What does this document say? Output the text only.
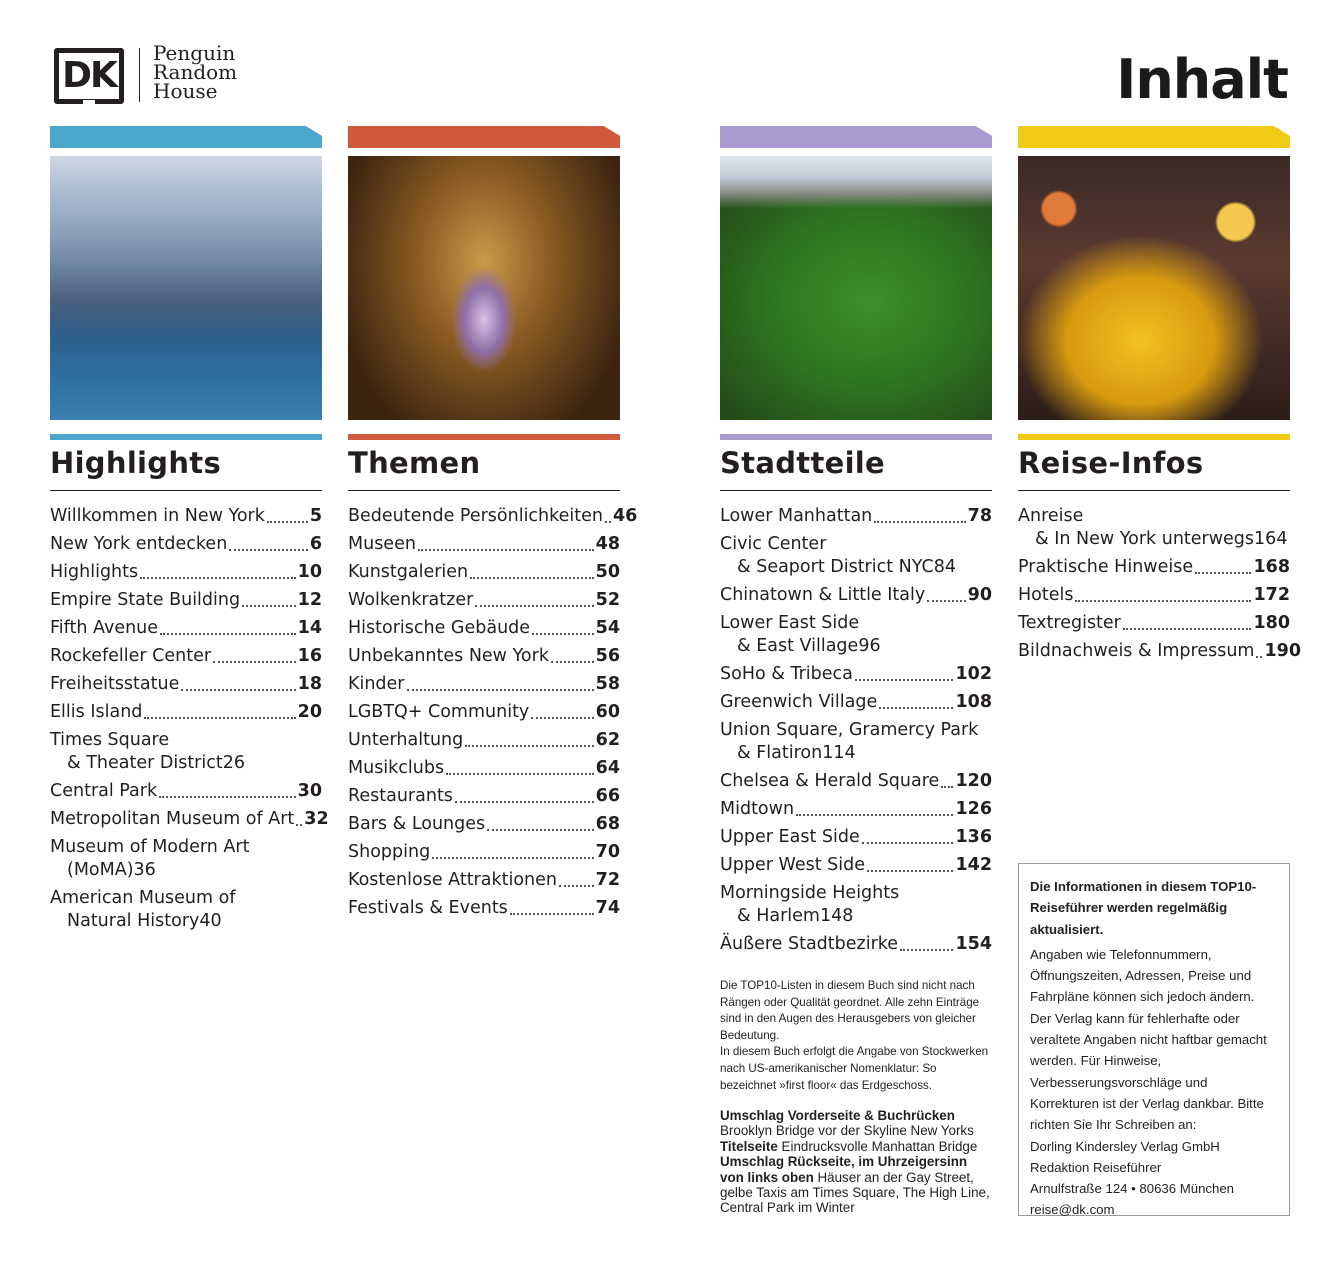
DK
Penguin
Random
House	Inhalt
Highlights
Willkommen in New York	5
New York entdecken	6
Highlights	10
Empire State Building	12
Fifth Avenue	14
Rockefeller Center	16
Freiheitsstatue	18
Ellis Island	20
Times Square
& Theater District 26
Central Park	30
Metropolitan Museum of Art 32
Museum of Modern Art
(MoMA) 36
American Museum of
Natural History 40
Themen
Bedeutende Persönlichkeiten 46
Museen	48
Kunstgalerien	50
Wolkenkratzer	52
Historische Gebäude	54
Unbekanntes New York	56
Kinder	58
LGBTQ+ Community	60
Unterhaltung	62
Musikclubs	64
Restaurants	66
Bars & Lounges	68
Shopping	70
Kostenlose Attraktionen 72
Festivals & Events	74
Stadtteile
Lower Manhattan	78
Civic Center
& Seaport District NYC 84
Chinatown & Little Italy 90
Lower East Side
& East Village 96
SoHo & Tribeca	102
Greenwich Village	108
Union Square, Gramercy Park
& Flatiron 114
Chelsea & Herald Square 120
Midtown	126
Upper East Side	136
Upper West Side	142
Morningside Heights
& Harlem 148
Äußere Stadtbezirke	154
Reise-Infos
Anreise
& In New York unterwegs 164
Praktische Hinweise	168
Hotels	172
Textregister	180
Bildnachweis & Impressum 190

Die TOP10-Listen in diesem Buch sind nicht nach Rängen oder Qualität geordnet. Alle zehn Einträge sind in den Augen des Herausgebers von gleicher Bedeutung.

In diesem Buch erfolgt die Angabe von Stockwerken nach US-amerikanischer Nomenklatur: So bezeichnet »first floor« das Erdgeschoss.

Umschlag Vorderseite & Buchrücken
Brooklyn Bridge vor der Skyline New Yorks

Titelseite Eindrucksvolle Manhattan Bridge

Umschlag Rückseite, im Uhrzeigersinn von links oben Häuser an der Gay Street, gelbe Taxis am Times Square, The High Line, Central Park im Winter

Die Informationen in diesem TOP10-Reiseführer werden regelmäßig aktualisiert.

Angaben wie Telefonnummern, Öffnungszeiten, Adressen, Preise und Fahrpläne können sich jedoch ändern. Der Verlag kann für fehlerhafte oder veraltete Angaben nicht haftbar gemacht werden. Für Hinweise, Verbesserungsvorschläge und Korrekturen ist der Verlag dankbar. Bitte richten Sie Ihr Schreiben an:

Dorling Kindersley Verlag GmbH

Redaktion Reiseführer

Arnulfstraße 124 • 80636 München

reise@dk.com
